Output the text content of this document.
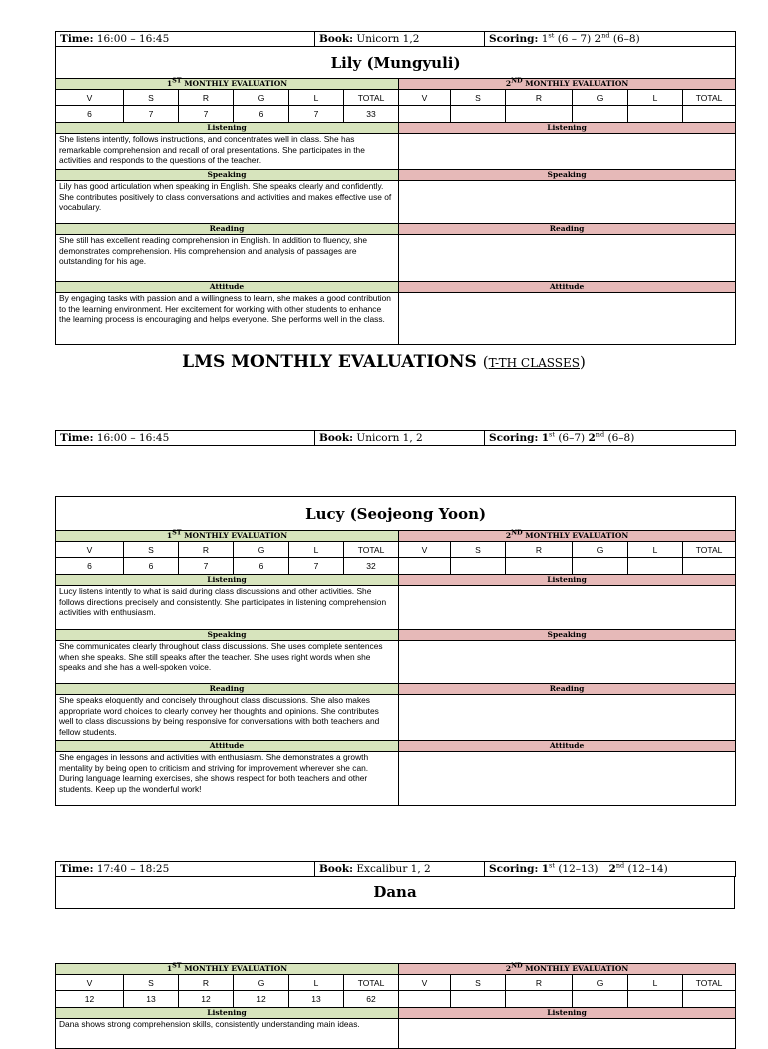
Time: 16:00 – 16:45	Book: Unicorn 1,2	Scoring: 1st (6 – 7) 2nd (6–8)
Lily (Mungyuli)											
1ST MONTHLY EVALUATION						2ND MONTHLY EVALUATION					
V	S	R	G	L	TOTAL	V	S	R	G	L	TOTAL
6	7	7	6	7	33						
Listening						Listening					
She listens intently, follows instructions, and concentrates well in class. She has remarkable comprehension and recall of oral presentations. She participates in the activities and responds to the questions of the teacher.											
Speaking						Speaking					
Lily has good articulation when speaking in English. She speaks clearly and confidently. She contributes positively to class conversations and activities and makes effective use of vocabulary.											
Reading						Reading					
She still has excellent reading comprehension in English. In addition to fluency, she demonstrates comprehension. His comprehension and analysis of passages are outstanding for his age.											
Attitude						Attitude					
By engaging tasks with passion and a willingness to learn, she makes a good contribution to the learning environment. Her excitement for working with other students to enhance the learning process is encouraging and helps everyone. She performs well in the class.											
LMS MONTHLY EVALUATIONS (T-TH CLASSES)
Time: 16:00 – 16:45	Book: Unicorn 1, 2	Scoring: 1st (6–7) 2nd (6–8)
Lucy (Seojeong Yoon)											
1ST MONTHLY EVALUATION						2ND MONTHLY EVALUATION					
V	S	R	G	L	TOTAL	V	S	R	G	L	TOTAL
6	6	7	6	7	32						
Listening						Listening					
Lucy listens intently to what is said during class discussions and other activities. She follows directions precisely and consistently. She participates in listening comprehension activities with enthusiasm.											
Speaking						Speaking					
She communicates clearly throughout class discussions. She uses complete sentences when she speaks. She still speaks after the teacher. She uses right words when she speaks and she has a well-spoken voice.											
Reading						Reading					
She speaks eloquently and concisely throughout class discussions. She also makes appropriate word choices to clearly convey her thoughts and opinions. She contributes well to class discussions by being responsive for conversations with both teachers and fellow students.											
Attitude						Attitude					
She engages in lessons and activities with enthusiasm. She demonstrates a growth mentality by being open to criticism and striving for improvement wherever she can. During language learning exercises, she shows respect for both teachers and other students. Keep up the wonderful work!											
Time: 17:40 – 18:25	Book: Excalibur 1, 2	Scoring: 1st (12–13) 2nd (12–14)
Dana
1ST MONTHLY EVALUATION						2ND MONTHLY EVALUATION					
V	S	R	G	L	TOTAL	V	S	R	G	L	TOTAL
12	13	12	12	13	62						
Listening						Listening					
Dana shows strong comprehension skills, consistently understanding main ideas.											
